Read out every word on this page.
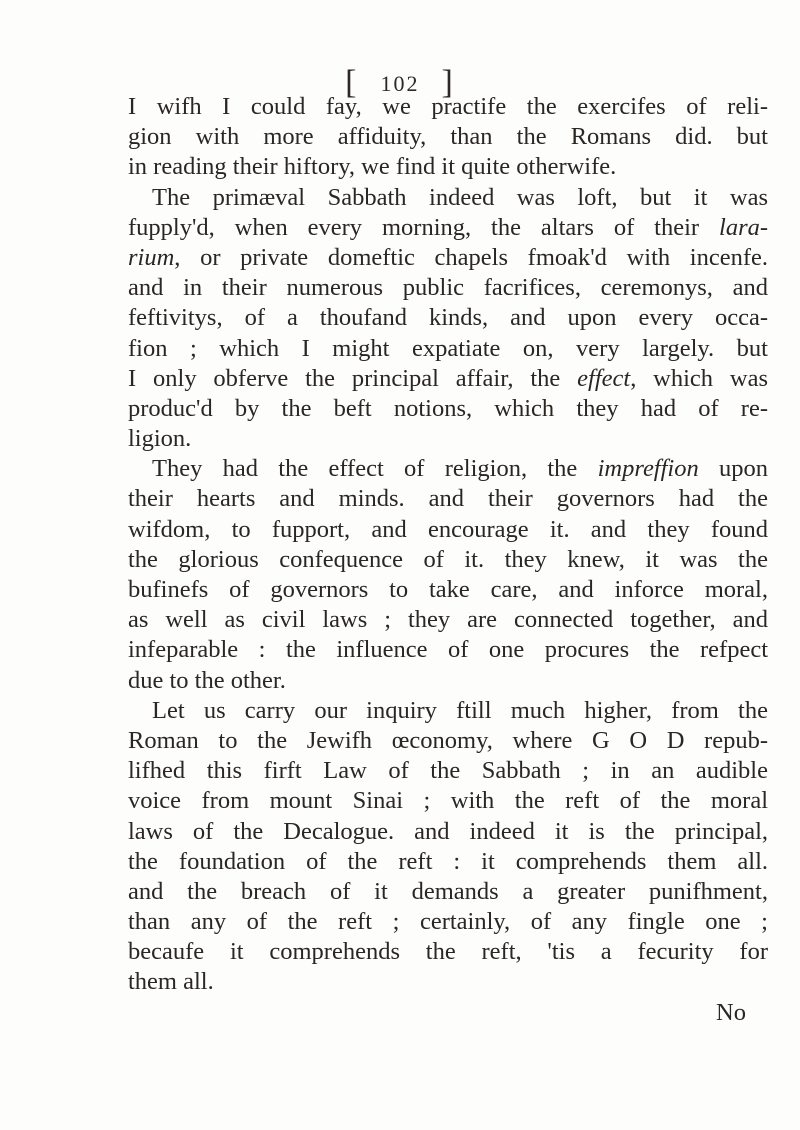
[ 102 ]
I wifh I could fay, we practife the exercifes of reli-
gion with more affiduity, than the Romans did. but
in reading their hiftory, we find it quite otherwife.
The primæval Sabbath indeed was loft, but it was
fupply'd, when every morning, the altars of their lara-
rium, or private domeftic chapels fmoak'd with incenfe.
and in their numerous public facrifices, ceremonys, and
feftivitys, of a thoufand kinds, and upon every occa-
fion ; which I might expatiate on, very largely. but
I only obferve the principal affair, the effect, which was
produc'd by the beft notions, which they had of re-
ligion.
They had the effect of religion, the impreffion upon
their hearts and minds. and their governors had the
wifdom, to fupport, and encourage it. and they found
the glorious confequence of it. they knew, it was the
bufinefs of governors to take care, and inforce moral,
as well as civil laws ; they are connected together, and
infeparable : the influence of one procures the refpect
due to the other.
Let us carry our inquiry ftill much higher, from the
Roman to the Jewifh œconomy, where G O D repub-
lifhed this firft Law of the Sabbath ; in an audible
voice from mount Sinai ; with the reft of the moral
laws of the Decalogue. and indeed it is the principal,
the foundation of the reft : it comprehends them all.
and the breach of it demands a greater punifhment,
than any of the reft ; certainly, of any fingle one ;
becaufe it comprehends the reft, 'tis a fecurity for
them all.
No
